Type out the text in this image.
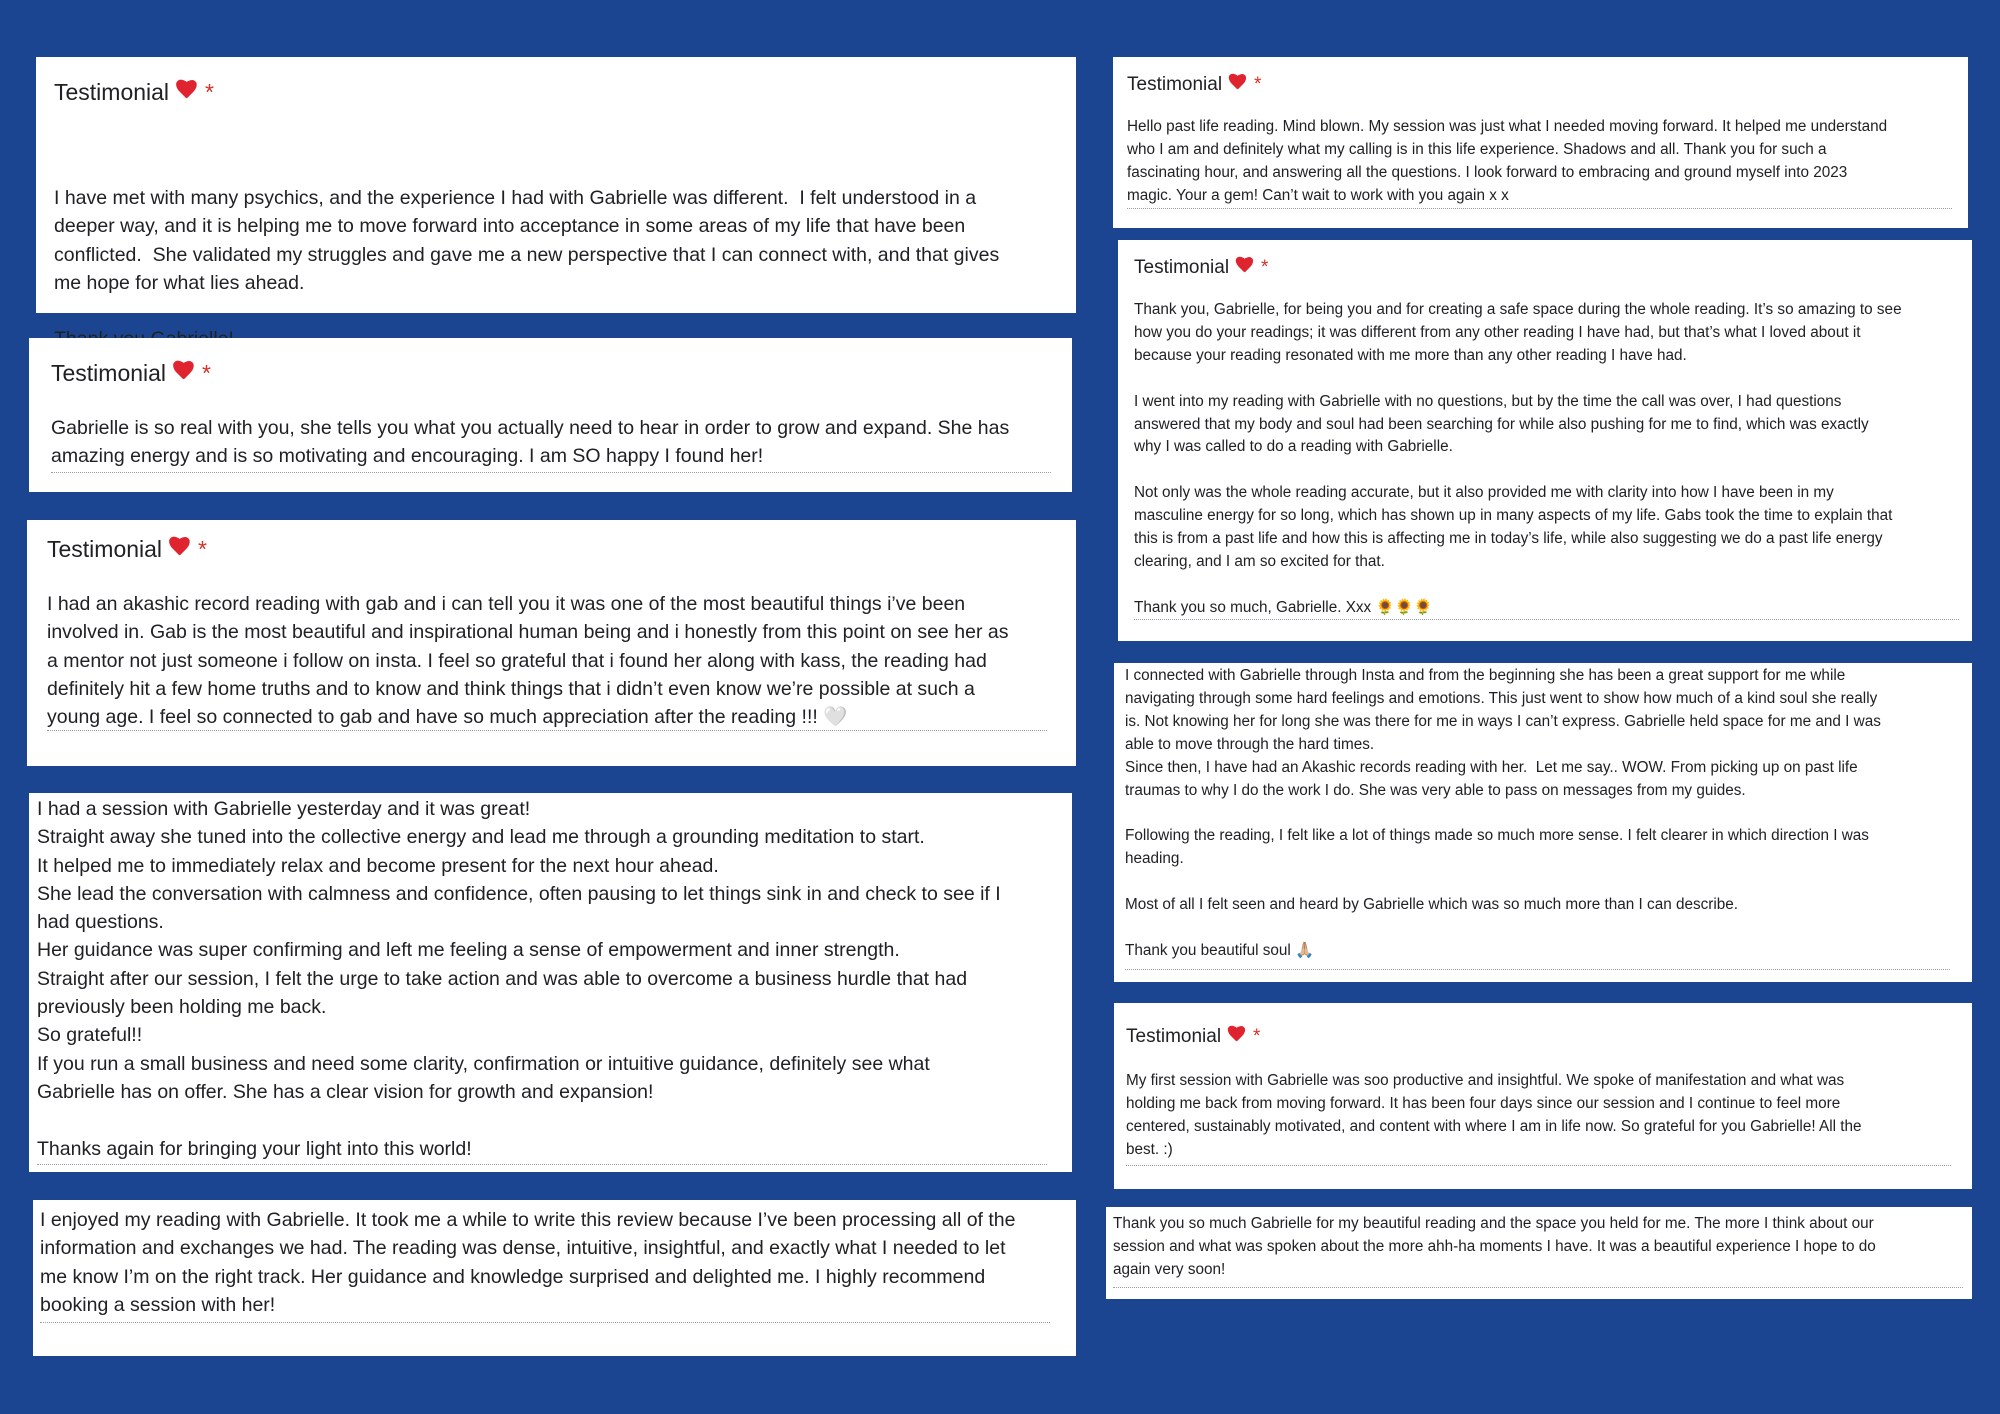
Testimonial *
I have met with many psychics, and the experience I had with Gabrielle was different.  I felt understood in a
deeper way, and it is helping me to move forward into acceptance in some areas of my life that have been
conflicted.  She validated my struggles and gave me a new perspective that I can connect with, and that gives
me hope for what lies ahead.

Testimonial *
Gabrielle is so real with you, she tells you what you actually need to hear in order to grow and expand. She has
amazing energy and is so motivating and encouraging. I am SO happy I found her!
Testimonial *
I had an akashic record reading with gab and i can tell you it was one of the most beautiful things i’ve been
involved in. Gab is the most beautiful and inspirational human being and i honestly from this point on see her as
a mentor not just someone i follow on insta. I feel so grateful that i found her along with kass, the reading had
definitely hit a few home truths and to know and think things that i didn’t even know we’re possible at such a
young age. I feel so connected to gab and have so much appreciation after the reading !!! 🤍
I had a session with Gabrielle yesterday and it was great!
Straight away she tuned into the collective energy and lead me through a grounding meditation to start.
It helped me to immediately relax and become present for the next hour ahead.
She lead the conversation with calmness and confidence, often pausing to let things sink in and check to see if I
had questions.
Her guidance was super confirming and left me feeling a sense of empowerment and inner strength.
Straight after our session, I felt the urge to take action and was able to overcome a business hurdle that had
previously been holding me back.
So grateful!!
If you run a small business and need some clarity, confirmation or intuitive guidance, definitely see what
Gabrielle has on offer. She has a clear vision for growth and expansion!

Thanks again for bringing your light into this world!
I enjoyed my reading with Gabrielle. It took me a while to write this review because I’ve been processing all of the
information and exchanges we had. The reading was dense, intuitive, insightful, and exactly what I needed to let
me know I’m on the right track. Her guidance and knowledge surprised and delighted me. I highly recommend
booking a session with her!
Testimonial *
Hello past life reading. Mind blown. My session was just what I needed moving forward. It helped me understand
who I am and definitely what my calling is in this life experience. Shadows and all. Thank you for such a
fascinating hour, and answering all the questions. I look forward to embracing and ground myself into 2023
magic. Your a gem! Can’t wait to work with you again x x
Testimonial *
Thank you, Gabrielle, for being you and for creating a safe space during the whole reading. It’s so amazing to see
how you do your readings; it was different from any other reading I have had, but that’s what I loved about it
because your reading resonated with me more than any other reading I have had.

I went into my reading with Gabrielle with no questions, but by the time the call was over, I had questions
answered that my body and soul had been searching for while also pushing for me to find, which was exactly
why I was called to do a reading with Gabrielle.

Not only was the whole reading accurate, but it also provided me with clarity into how I have been in my
masculine energy for so long, which has shown up in many aspects of my life. Gabs took the time to explain that
this is from a past life and how this is affecting me in today’s life, while also suggesting we do a past life energy
clearing, and I am so excited for that.

Thank you so much, Gabrielle. Xxx 🌻🌻🌻
I connected with Gabrielle through Insta and from the beginning she has been a great support for me while
navigating through some hard feelings and emotions. This just went to show how much of a kind soul she really
is. Not knowing her for long she was there for me in ways I can’t express. Gabrielle held space for me and I was
able to move through the hard times.
Since then, I have had an Akashic records reading with her.  Let me say.. WOW. From picking up on past life
traumas to why I do the work I do. She was very able to pass on messages from my guides.

Following the reading, I felt like a lot of things made so much more sense. I felt clearer in which direction I was
heading.

Most of all I felt seen and heard by Gabrielle which was so much more than I can describe.

Thank you beautiful soul 🙏🏼
Testimonial *
My first session with Gabrielle was soo productive and insightful. We spoke of manifestation and what was
holding me back from moving forward. It has been four days since our session and I continue to feel more
centered, sustainably motivated, and content with where I am in life now. So grateful for you Gabrielle! All the
best. :)
Thank you so much Gabrielle for my beautiful reading and the space you held for me. The more I think about our
session and what was spoken about the more ahh-ha moments I have. It was a beautiful experience I hope to do
again very soon!
